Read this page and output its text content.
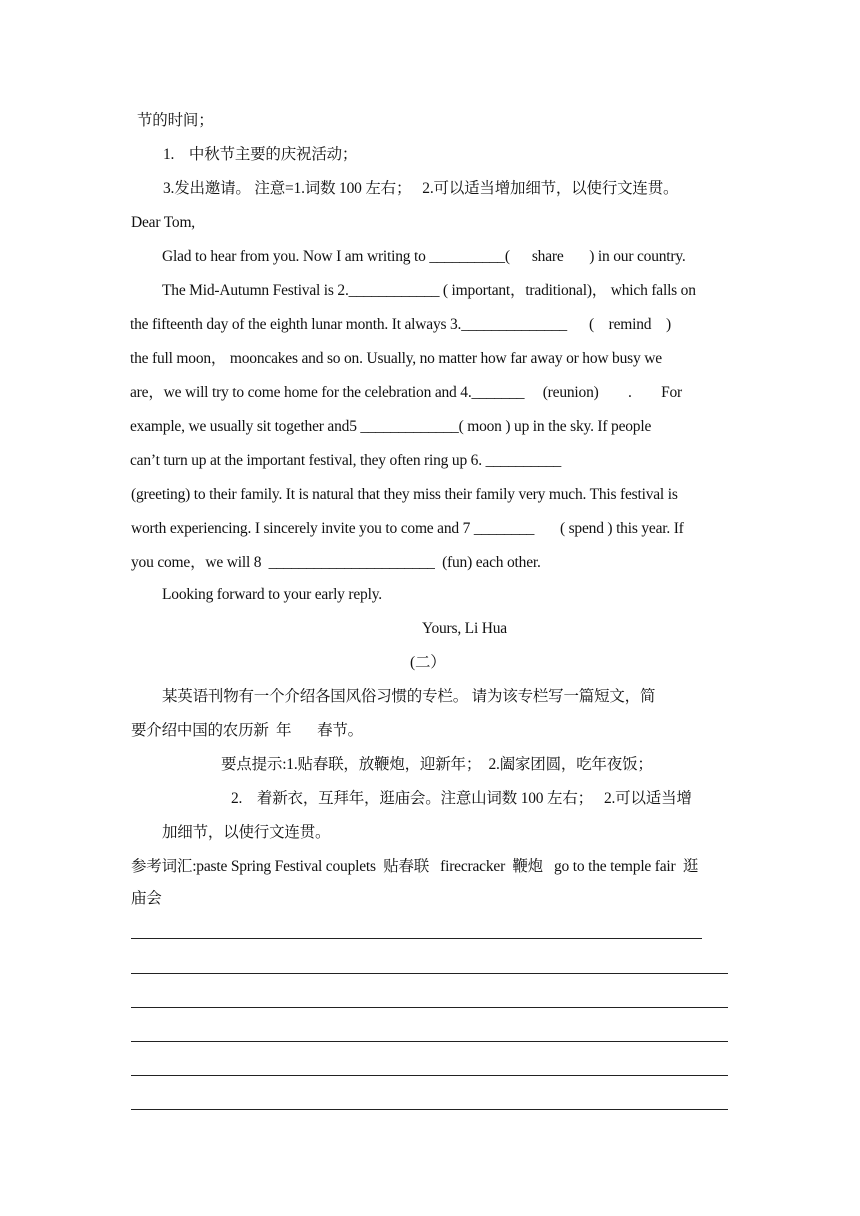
节的时间；
1.    中秋节主要的庆祝活动；
3.发出邀请。 注意=1.词数 100 左右；   2.可以适当增加细节，以使行文连贯。
Dear Tom,
Glad to hear from you. Now I am writing to __________(      share       ) in our country.
The Mid-Autumn Festival is 2.____________ ( important，traditional)， which falls on
the fifteenth day of the eighth lunar month. It always 3.______________      (    remind    )
the full moon， mooncakes and so on. Usually, no matter how far away or how busy we
are，we will try to come home for the celebration and 4._______     (reunion)        .        For
example, we usually sit together and5 _____________( moon ) up in the sky. If people
can’t turn up at the important festival, they often ring up 6. __________
(greeting) to their family. It is natural that they miss their family very much. This festival is
worth experiencing. I sincerely invite you to come and 7 ________       ( spend ) this year. If
you come，we will 8  ______________________  (fun) each other.
Looking forward to your early reply.
Yours, Li Hua
(二）
某英语刊物有一个介绍各国风俗习惯的专栏。 请为该专栏写一篇短文，简
要介绍中国的农历新  年       春节。
要点提示:1.贴春联，放鞭炮，迎新年；  2.阖家团圆，吃年夜饭；
2.    着新衣，互拜年，逛庙会。注意山词数 100 左右；   2.可以适当增
加细节，以使行文连贯。
参考词汇:paste Spring Festival couplets  贴春联   firecracker  鞭炮   go to the temple fair  逛
庙会
